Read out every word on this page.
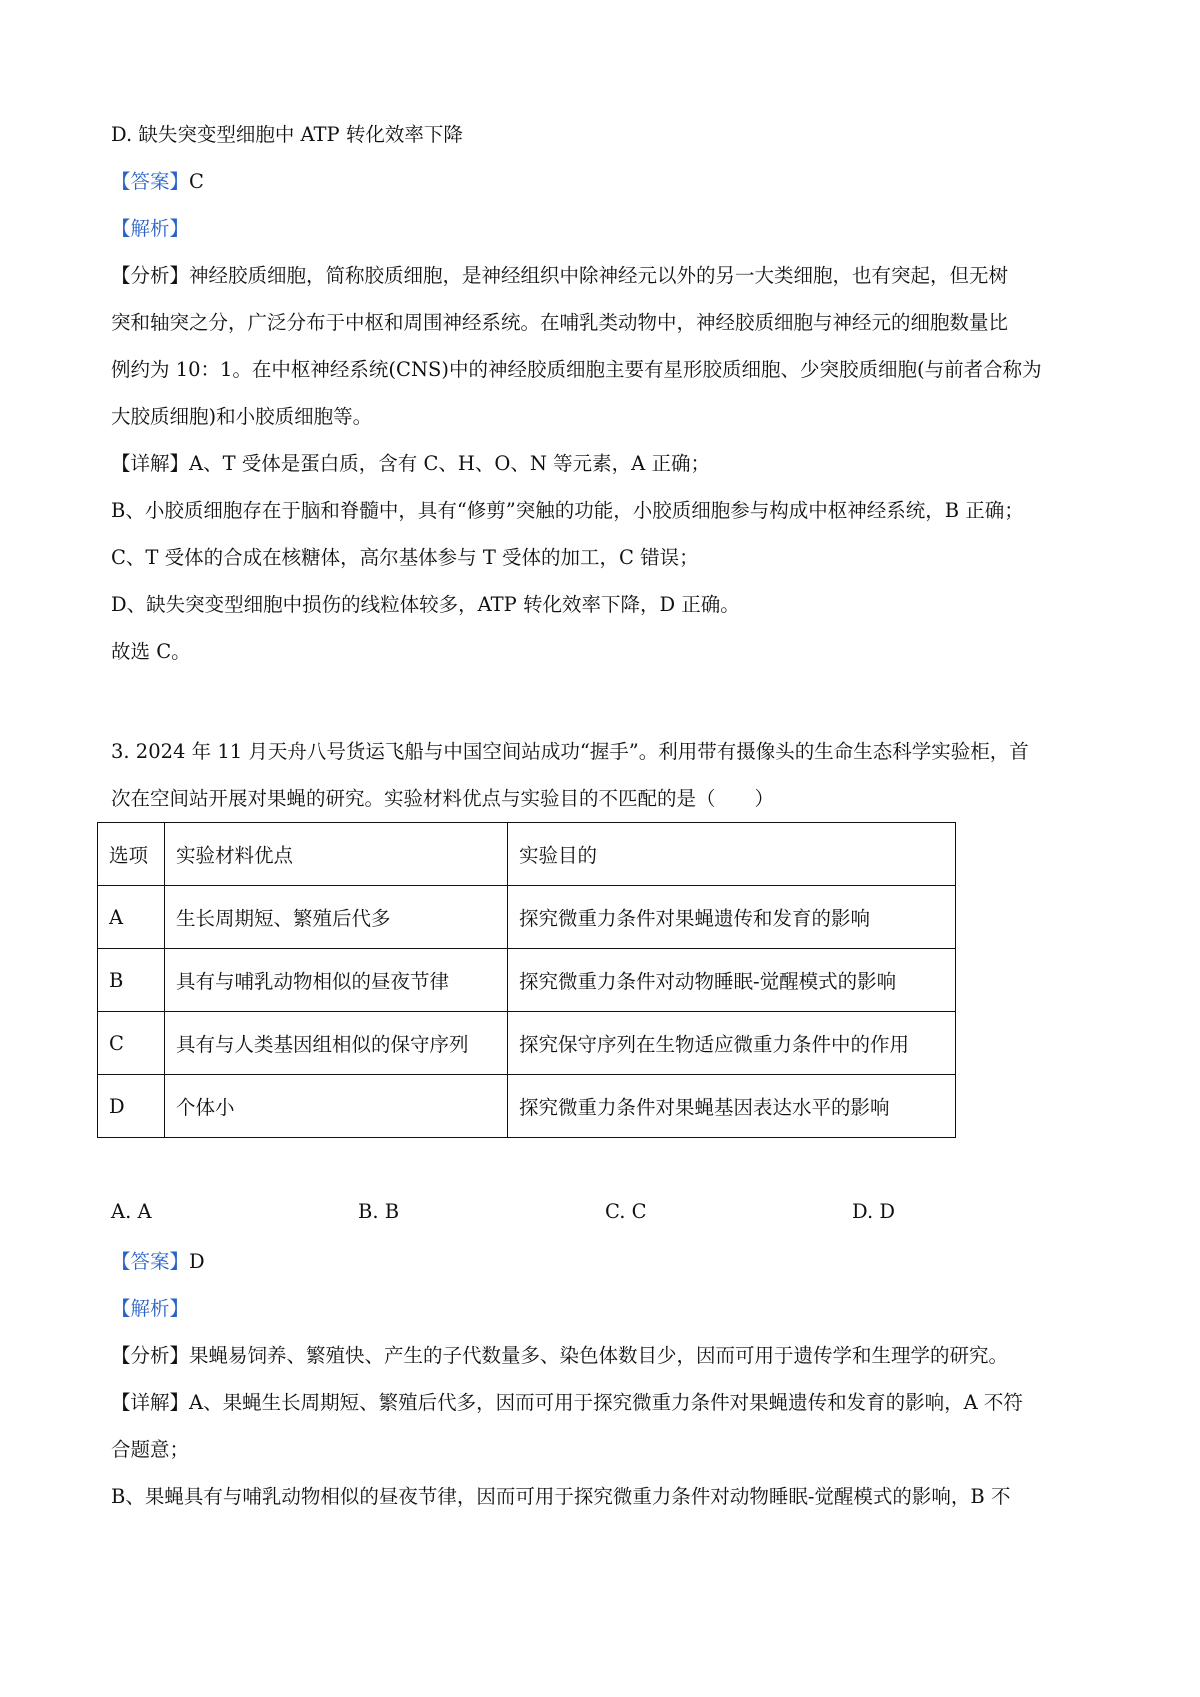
D. 缺失突变型细胞中 ATP 转化效率下降
【答案】C
【解析】
【分析】神经胶质细胞，简称胶质细胞，是神经组织中除神经元以外的另一大类细胞，也有突起，但无树
突和轴突之分，广泛分布于中枢和周围神经系统。在哺乳类动物中，神经胶质细胞与神经元的细胞数量比
例约为 10：1。在中枢神经系统(CNS)中的神经胶质细胞主要有星形胶质细胞、少突胶质细胞(与前者合称为
大胶质细胞)和小胶质细胞等。
【详解】A、T 受体是蛋白质，含有 C、H、O、N 等元素，A 正确；
B、小胶质细胞存在于脑和脊髓中，具有“修剪”突触的功能，小胶质细胞参与构成中枢神经系统，B 正确；
C、T 受体的合成在核糖体，高尔基体参与 T 受体的加工，C 错误；
D、缺失突变型细胞中损伤的线粒体较多，ATP 转化效率下降，D 正确。
故选 C。
3. 2024 年 11 月天舟八号货运飞船与中国空间站成功“握手”。利用带有摄像头的生命生态科学实验柜，首
次在空间站开展对果蝇的研究。实验材料优点与实验目的不匹配的是（　　）
选项	实验材料优点	实验目的
A	生长周期短、繁殖后代多	探究微重力条件对果蝇遗传和发育的影响
B	具有与哺乳动物相似的昼夜节律	探究微重力条件对动物睡眠-觉醒模式的影响
C	具有与人类基因组相似的保守序列	探究保守序列在生物适应微重力条件中的作用
D	个体小	探究微重力条件对果蝇基因表达水平的影响
A. A	B. B	C. C	D. D
【答案】D
【解析】
【分析】果蝇易饲养、繁殖快、产生的子代数量多、染色体数目少，因而可用于遗传学和生理学的研究。
【详解】A、果蝇生长周期短、繁殖后代多，因而可用于探究微重力条件对果蝇遗传和发育的影响，A 不符
合题意；
B、果蝇具有与哺乳动物相似的昼夜节律，因而可用于探究微重力条件对动物睡眠-觉醒模式的影响，B 不
